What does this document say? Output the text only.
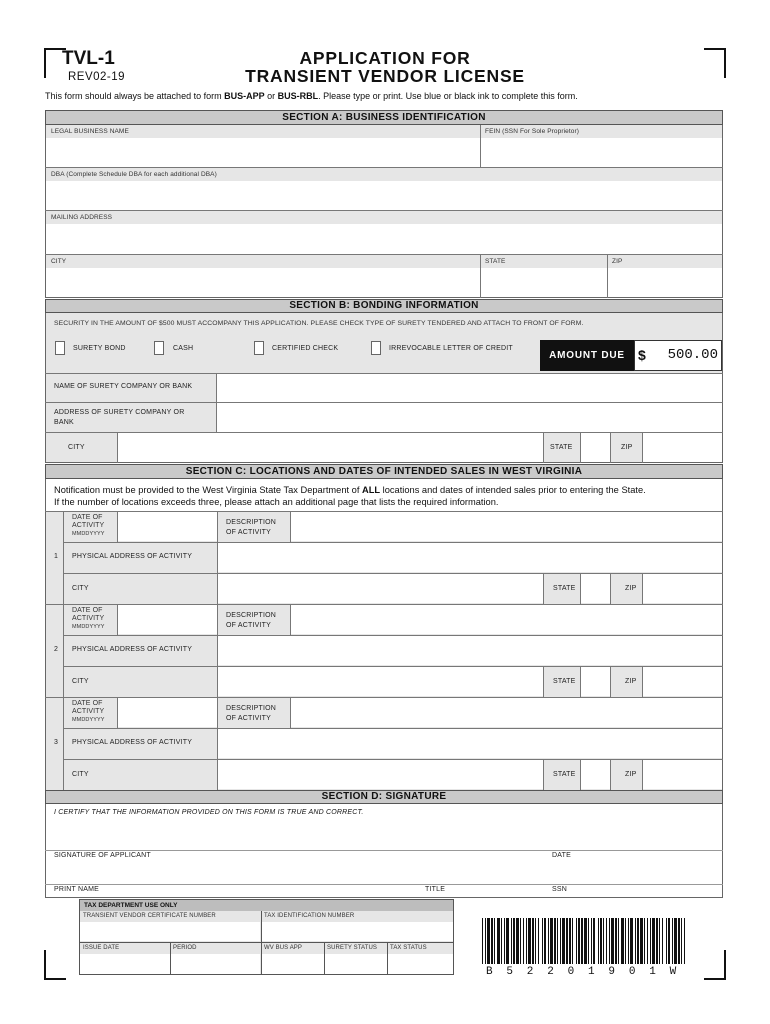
TVL-1
REV02-19
APPLICATION FOR
TRANSIENT VENDOR LICENSE
This form should always be attached to form BUS-APP or BUS-RBL. Please type or print. Use blue or black ink to complete this form.
SECTION A: BUSINESS IDENTIFICATION
LEGAL BUSINESS NAME	FEIN (SSN For Sole Proprietor)
DBA (Complete Schedule DBA for each additional DBA)
MAILING ADDRESS
CITY	STATE	ZIP
SECTION B: BONDING INFORMATION
SECURITY IN THE AMOUNT OF $500 MUST ACCOMPANY THIS APPLICATION. PLEASE CHECK TYPE OF SURETY TENDERED AND ATTACH TO FRONT OF FORM.
SURETY BOND	CASH	CERTIFIED CHECK	IRREVOCABLE LETTER OF CREDIT
AMOUNT DUE $ 500.00
NAME OF SURETY COMPANY OR BANK
ADDRESS OF SURETY COMPANY OR BANK
CITY	STATE	ZIP
SECTION C: LOCATIONS AND DATES OF INTENDED SALES IN WEST VIRGINIA
Notification must be provided to the West Virginia State Tax Department of ALL locations and dates of intended sales prior to entering the State.
If the number of locations exceeds three, please attach an additional page that lists the required information.
1
DATE OF
ACTIVITY
MMDDYYYY
DESCRIPTION
OF ACTIVITY
PHYSICAL ADDRESS OF ACTIVITY
CITY	STATE	ZIP
2
DATE OF
ACTIVITY
MMDDYYYY
DESCRIPTION
OF ACTIVITY
PHYSICAL ADDRESS OF ACTIVITY
CITY	STATE	ZIP
3
DATE OF
ACTIVITY
MMDDYYYY
DESCRIPTION
OF ACTIVITY
PHYSICAL ADDRESS OF ACTIVITY
CITY	STATE	ZIP
SECTION D: SIGNATURE
I CERTIFY THAT THE INFORMATION PROVIDED ON THIS FORM IS TRUE AND CORRECT.
SIGNATURE OF APPLICANT	DATE
PRINT NAME	TITLE	SSN
TAX DEPARTMENT USE ONLY
TRANSIENT VENDOR CERTIFICATE NUMBER	TAX IDENTIFICATION NUMBER
ISSUE DATE	PERIOD	WV BUS APP	SURETY STATUS TAX STATUS
B 5 2 2 0 1 9 0 1 W
